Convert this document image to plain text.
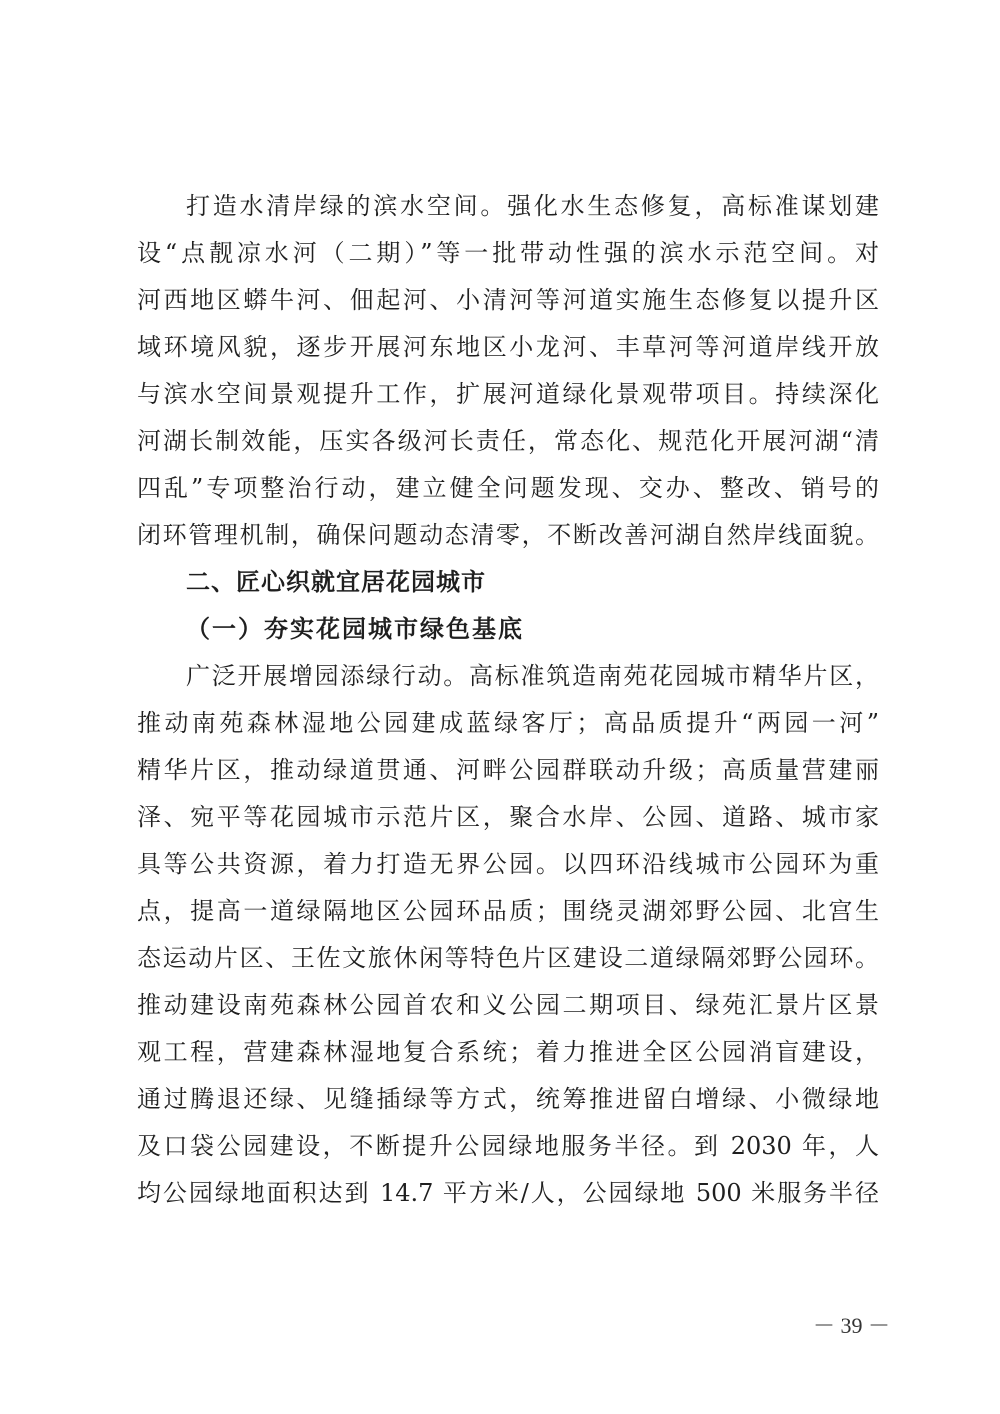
打造水清岸绿的滨水空间。强化水生态修复，高标准谋划建
设“点靓凉水河（二期）”等一批带动性强的滨水示范空间。对
河西地区蟒牛河、佃起河、小清河等河道实施生态修复以提升区
域环境风貌，逐步开展河东地区小龙河、丰草河等河道岸线开放
与滨水空间景观提升工作，扩展河道绿化景观带项目。持续深化
河湖长制效能，压实各级河长责任，常态化、规范化开展河湖“清
四乱”专项整治行动，建立健全问题发现、交办、整改、销号的
闭环管理机制，确保问题动态清零，不断改善河湖自然岸线面貌。
二、匠心织就宜居花园城市
（一）夯实花园城市绿色基底
广泛开展增园添绿行动。高标准筑造南苑花园城市精华片区，
推动南苑森林湿地公园建成蓝绿客厅；高品质提升“两园一河”
精华片区，推动绿道贯通、河畔公园群联动升级；高质量营建丽
泽、宛平等花园城市示范片区，聚合水岸、公园、道路、城市家
具等公共资源，着力打造无界公园。以四环沿线城市公园环为重
点，提高一道绿隔地区公园环品质；围绕灵湖郊野公园、北宫生
态运动片区、王佐文旅休闲等特色片区建设二道绿隔郊野公园环。
推动建设南苑森林公园首农和义公园二期项目、绿苑汇景片区景
观工程，营建森林湿地复合系统；着力推进全区公园消盲建设，
通过腾退还绿、见缝插绿等方式，统筹推进留白增绿、小微绿地
及口袋公园建设，不断提升公园绿地服务半径。到 2030 年，人
均公园绿地面积达到 14.7 平方米/人，公园绿地 500 米服务半径
－ 39 －
